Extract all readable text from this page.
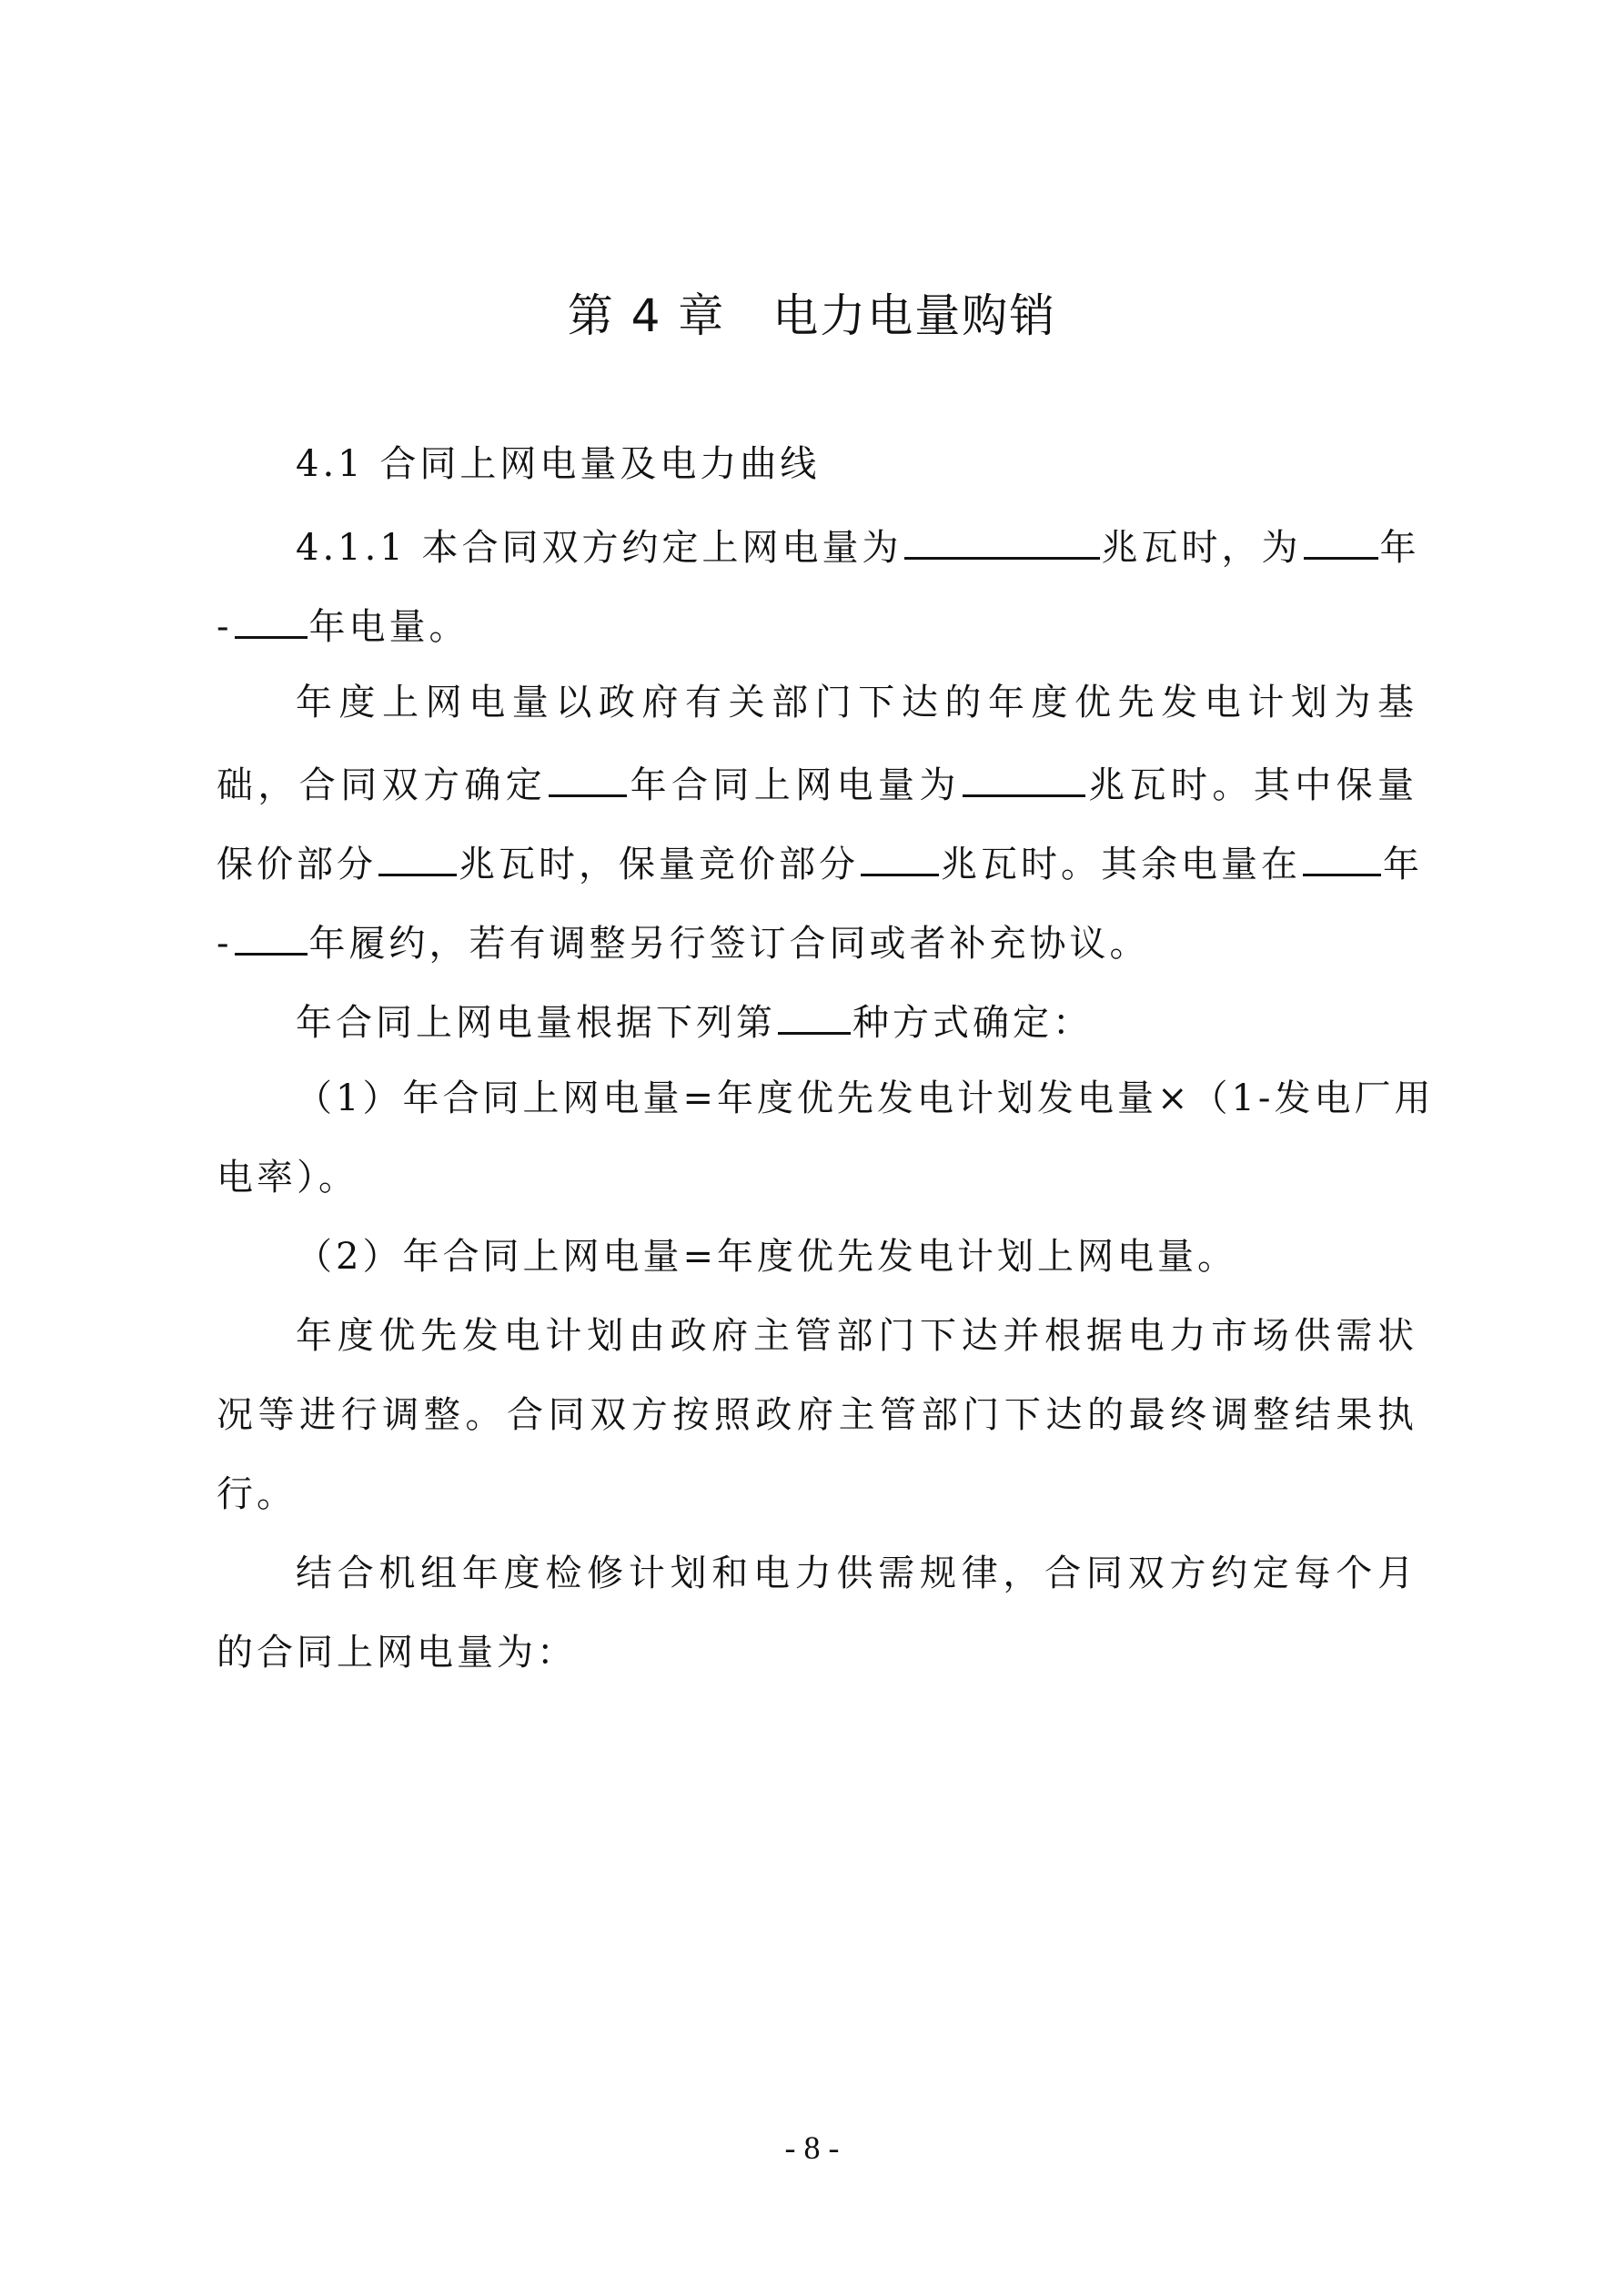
第 4 章　电力电量购销
4.1 合同上网电量及电力曲线
4.1.1 本合同双方约定上网电量为	兆瓦时，为 年
- 年电量。
年度上网电量以政府有关部门下达的年度优先发电计划为基
础，合同双方确定 年合同上网电量为	兆瓦时。其中保量
保价部分 兆瓦时，保量竞价部分 兆瓦时。其余电量在 年
- 年履约，若有调整另行签订合同或者补充协议。
年合同上网电量根据下列第 种方式确定：
（1）年合同上网电量=年度优先发电计划发电量×（1-发电厂用
电率）。
（2）年合同上网电量=年度优先发电计划上网电量。
年度优先发电计划由政府主管部门下达并根据电力市场供需状
况等进行调整。合同双方按照政府主管部门下达的最终调整结果执
行。
结合机组年度检修计划和电力供需规律，合同双方约定每个月
的合同上网电量为：
- 8 -
